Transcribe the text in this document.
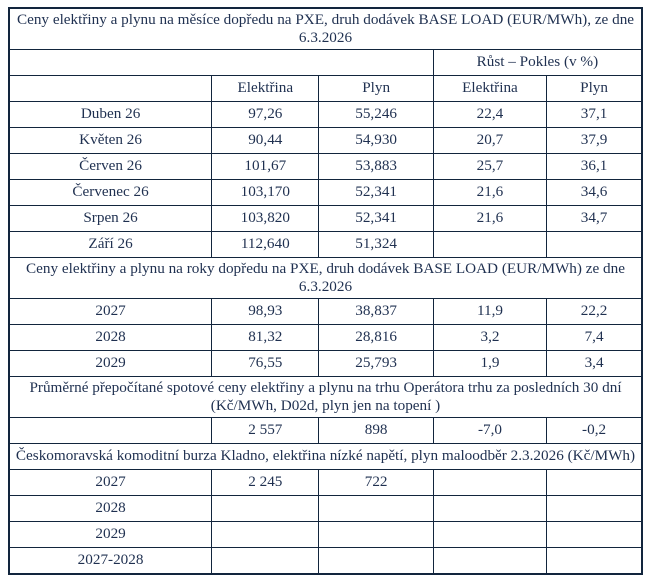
Ceny elektřiny a plynu na měsíce dopředu na PXE, druh dodávek BASE LOAD (EUR/MWh), ze dne 6.3.2026				
			Růst – Pokles (v %)	
	Elektřina	Plyn	Elektřina	Plyn
Duben 26	97,26	55,246	22,4	37,1
Květen 26	90,44	54,930	20,7	37,9
Červen 26	101,67	53,883	25,7	36,1
Červenec 26	103,170	52,341	21,6	34,6
Srpen 26	103,820	52,341	21,6	34,7
Září 26	112,640	51,324		
Ceny elektřiny a plynu na roky dopředu na PXE, druh dodávek BASE LOAD (EUR/MWh) ze dne 6.3.2026				
2027	98,93	38,837	11,9	22,2
2028	81,32	28,816	3,2	7,4
2029	76,55	25,793	1,9	3,4
Průměrné přepočítané spotové ceny elektřiny a plynu na trhu Operátora trhu za posledních 30 dní (Kč/MWh, D02d, plyn jen na topení )				
	2 557	898	-7,0	-0,2
Českomoravská komoditní burza Kladno, elektřina nízké napětí, plyn maloodběr 2.3.2026 (Kč/MWh)				
2027	2 245	722		
2028				
2029				
2027-2028				
